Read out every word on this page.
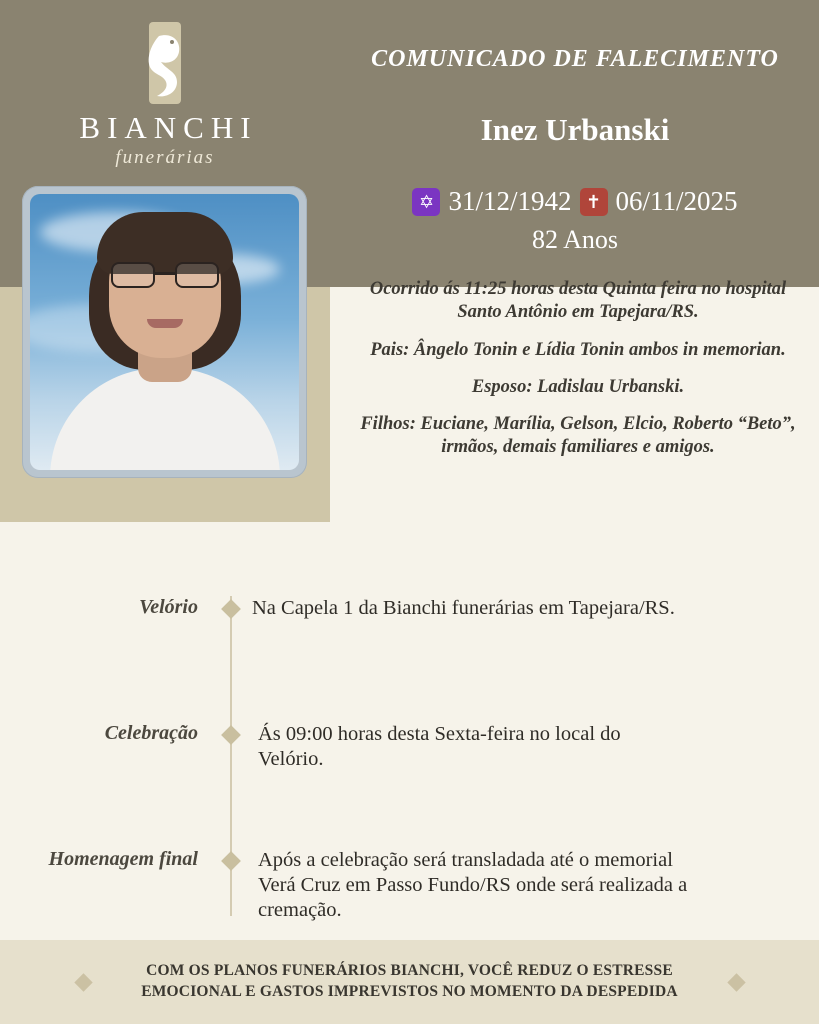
BIANCHI
funerárias
COMUNICADO DE FALECIMENTO
Inez Urbanski
✡ 31/12/1942 ✝ 06/11/2025
82 Anos

Ocorrido ás 11:25 horas desta Quinta feira no hospital Santo Antônio em Tapejara/RS.

Pais: Ângelo Tonin e Lídia Tonin ambos in memorian.

Esposo: Ladislau Urbanski.

Filhos: Euciane, Marília, Gelson, Elcio, Roberto “Beto”, irmãos, demais familiares e amigos.

Velório	Na Capela 1 da Bianchi funerárias em Tapejara/RS.
Celebração	Ás 09:00 horas desta Sexta-feira no local do Velório.
Homenagem final	Após a celebração será transladada até o memorial Verá Cruz em Passo Fundo/RS onde será realizada a cremação.
COM OS PLANOS FUNERÁRIOS BIANCHI, VOCÊ REDUZ O ESTRESSE
EMOCIONAL E GASTOS IMPREVISTOS NO MOMENTO DA DESPEDIDA
